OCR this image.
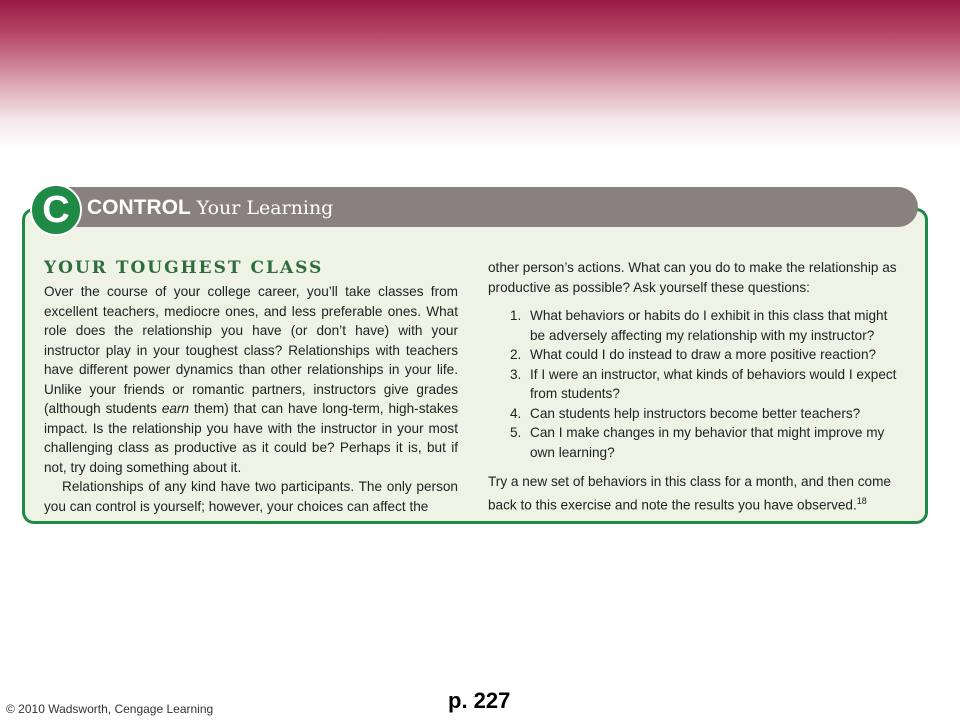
C CONTROL Your Learning
YOUR TOUGHEST CLASS

Over the course of your college career, you’ll take classes from excellent teachers, mediocre ones, and less preferable ones. What role does the relationship you have (or don’t have) with your instructor play in your toughest class? Relationships with teachers have different power dynamics than other relationships in your life. Unlike your friends or romantic partners, instructors give grades (although students earn them) that can have long-term, high-stakes impact. Is the relationship you have with the instructor in your most challenging class as productive as it could be? Perhaps it is, but if not, try doing something about it.

Relationships of any kind have two participants. The only person you can control is yourself; however, your choices can affect the

other person’s actions. What can you do to make the relationship as productive as possible? Ask yourself these questions:

1. What behaviors or habits do I exhibit in this class that might be adversely affecting my relationship with my instructor?
2. What could I do instead to draw a more positive reaction?
3. If I were an instructor, what kinds of behaviors would I expect from students?
4. Can students help instructors become better teachers?
5. Can I make changes in my behavior that might improve my own learning?

Try a new set of behaviors in this class for a month, and then come back to this exercise and note the results you have observed.$^{18}$

p. 227
© 2010 Wadsworth, Cengage Learning
